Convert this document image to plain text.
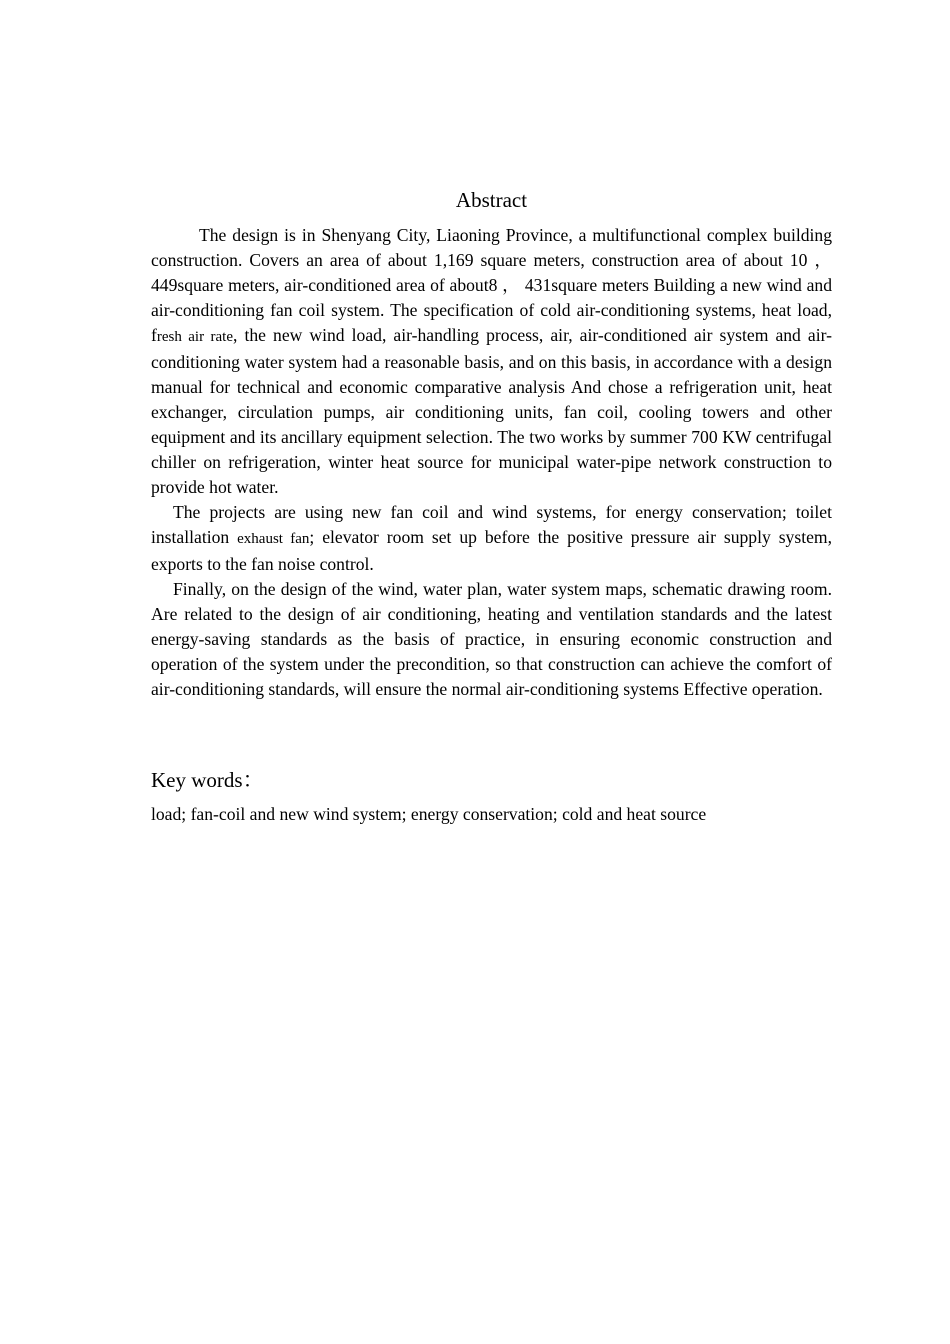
Abstract

The design is in Shenyang City, Liaoning Province, a multifunctional complex building construction. Covers an area of about 1,169 square meters, construction area of about 10 ， 449square meters, air-conditioned area of about8 ， 431square meters Building a new wind and air-conditioning fan coil system. The specification of cold air-conditioning systems, heat load, fresh air rate, the new wind load, air-handling process, air, air-conditioned air system and air-conditioning water system had a reasonable basis, and on this basis, in accordance with a design manual for technical and economic comparative analysis And chose a refrigeration unit, heat exchanger, circulation pumps, air conditioning units, fan coil, cooling towers and other equipment and its ancillary equipment selection. The two works by summer 700 KW centrifugal chiller on refrigeration, winter heat source for municipal water-pipe network construction to provide hot water.

The projects are using new fan coil and wind systems, for energy conservation; toilet installation exhaust fan; elevator room set up before the positive pressure air supply system, exports to the fan noise control.

Finally, on the design of the wind, water plan, water system maps, schematic drawing room. Are related to the design of air conditioning, heating and ventilation standards and the latest energy-saving standards as the basis of practice, in ensuring economic construction and operation of the system under the precondition, so that construction can achieve the comfort of air-conditioning standards, will ensure the normal air-conditioning systems Effective operation.

Key words：

load; fan-coil and new wind system; energy conservation; cold and heat source
